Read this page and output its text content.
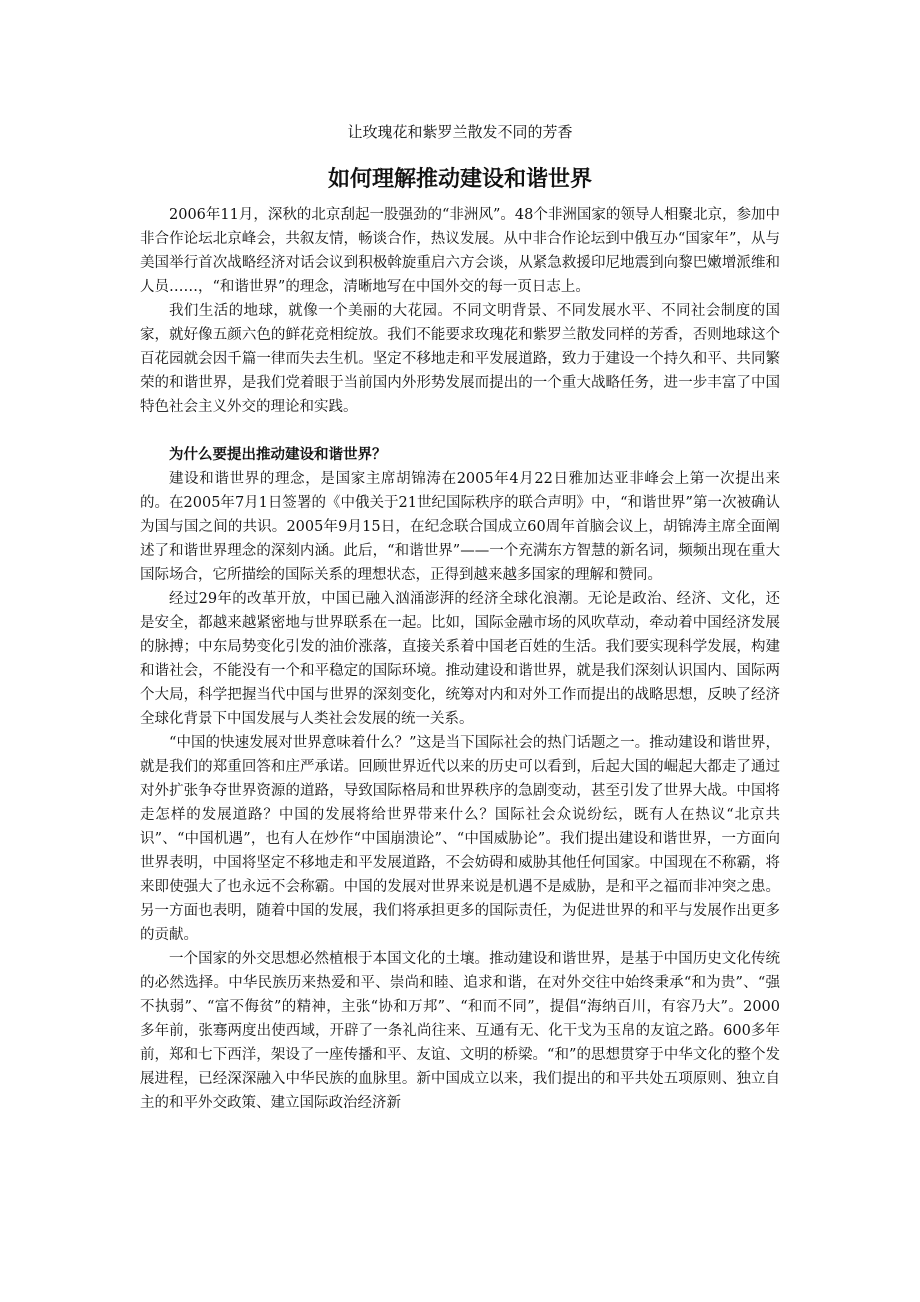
让玫瑰花和紫罗兰散发不同的芳香
如何理解推动建设和谐世界

2006年11月，深秋的北京刮起一股强劲的“非洲风”。48个非洲国家的领导人相聚北京，参加中非合作论坛北京峰会，共叙友情，畅谈合作，热议发展。从中非合作论坛到中俄互办“国家年”，从与美国举行首次战略经济对话会议到积极斡旋重启六方会谈，从紧急救援印尼地震到向黎巴嫩增派维和人员……，“和谐世界”的理念，清晰地写在中国外交的每一页日志上。

我们生活的地球，就像一个美丽的大花园。不同文明背景、不同发展水平、不同社会制度的国家，就好像五颜六色的鲜花竞相绽放。我们不能要求玫瑰花和紫罗兰散发同样的芳香，否则地球这个百花园就会因千篇一律而失去生机。坚定不移地走和平发展道路，致力于建设一个持久和平、共同繁荣的和谐世界，是我们党着眼于当前国内外形势发展而提出的一个重大战略任务，进一步丰富了中国特色社会主义外交的理论和实践。

为什么要提出推动建设和谐世界？

建设和谐世界的理念，是国家主席胡锦涛在2005年4月22日雅加达亚非峰会上第一次提出来的。在2005年7月1日签署的《中俄关于21世纪国际秩序的联合声明》中，“和谐世界”第一次被确认为国与国之间的共识。2005年9月15日，在纪念联合国成立60周年首脑会议上，胡锦涛主席全面阐述了和谐世界理念的深刻内涵。此后，“和谐世界”——一个充满东方智慧的新名词，频频出现在重大国际场合，它所描绘的国际关系的理想状态，正得到越来越多国家的理解和赞同。

经过29年的改革开放，中国已融入汹涌澎湃的经济全球化浪潮。无论是政治、经济、文化，还是安全，都越来越紧密地与世界联系在一起。比如，国际金融市场的风吹草动，牵动着中国经济发展的脉搏；中东局势变化引发的油价涨落，直接关系着中国老百姓的生活。我们要实现科学发展，构建和谐社会，不能没有一个和平稳定的国际环境。推动建设和谐世界，就是我们深刻认识国内、国际两个大局，科学把握当代中国与世界的深刻变化，统筹对内和对外工作而提出的战略思想，反映了经济全球化背景下中国发展与人类社会发展的统一关系。

“中国的快速发展对世界意味着什么？”这是当下国际社会的热门话题之一。推动建设和谐世界，就是我们的郑重回答和庄严承诺。回顾世界近代以来的历史可以看到，后起大国的崛起大都走了通过对外扩张争夺世界资源的道路，导致国际格局和世界秩序的急剧变动，甚至引发了世界大战。中国将走怎样的发展道路？中国的发展将给世界带来什么？国际社会众说纷纭，既有人在热议“北京共识”、“中国机遇”，也有人在炒作“中国崩溃论”、“中国威胁论”。我们提出建设和谐世界，一方面向世界表明，中国将坚定不移地走和平发展道路，不会妨碍和威胁其他任何国家。中国现在不称霸，将来即使强大了也永远不会称霸。中国的发展对世界来说是机遇不是威胁，是和平之福而非冲突之患。另一方面也表明，随着中国的发展，我们将承担更多的国际责任，为促进世界的和平与发展作出更多的贡献。

一个国家的外交思想必然植根于本国文化的土壤。推动建设和谐世界，是基于中国历史文化传统的必然选择。中华民族历来热爱和平、崇尚和睦、追求和谐，在对外交往中始终秉承“和为贵”、“强不执弱”、“富不侮贫”的精神，主张“协和万邦”、“和而不同”，提倡“海纳百川，有容乃大”。2000多年前，张骞两度出使西域，开辟了一条礼尚往来、互通有无、化干戈为玉帛的友谊之路。600多年前，郑和七下西洋，架设了一座传播和平、友谊、文明的桥梁。“和”的思想贯穿于中华文化的整个发展进程，已经深深融入中华民族的血脉里。新中国成立以来，我们提出的和平共处五项原则、独立自主的和平外交政策、建立国际政治经济新
